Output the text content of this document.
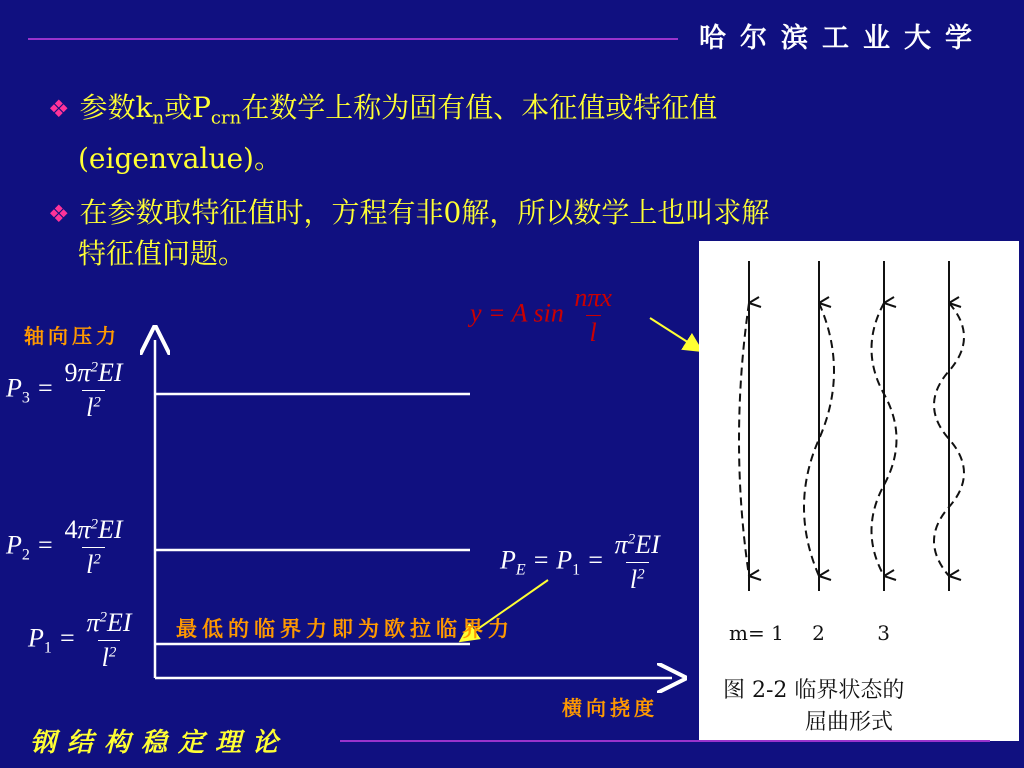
哈尔滨工业大学
❖ 参数$k_n$或$P_{crn}$在数学上称为固有值、本征值或特征值
(eigenvalue)。
❖ 在参数取特征值时，方程有非0解，所以数学上也叫求解
特征值问题。
轴向压力
横向挠度
最低的临界力即为欧拉临界力
$P_3 = \frac{9\pi^2EI}{l^2}$
$P_2 = \frac{4\pi^2EI}{l^2}$
$P_1 = \frac{\pi^2EI}{l^2}$
$P_E = P_1 = \frac{\pi^2EI}{l^2}$
y = A $\sin \frac{\text{nπx}}{l}$
m= 1 2	3
图 2-2 临界状态的
屈曲形式
钢结构稳定理论
